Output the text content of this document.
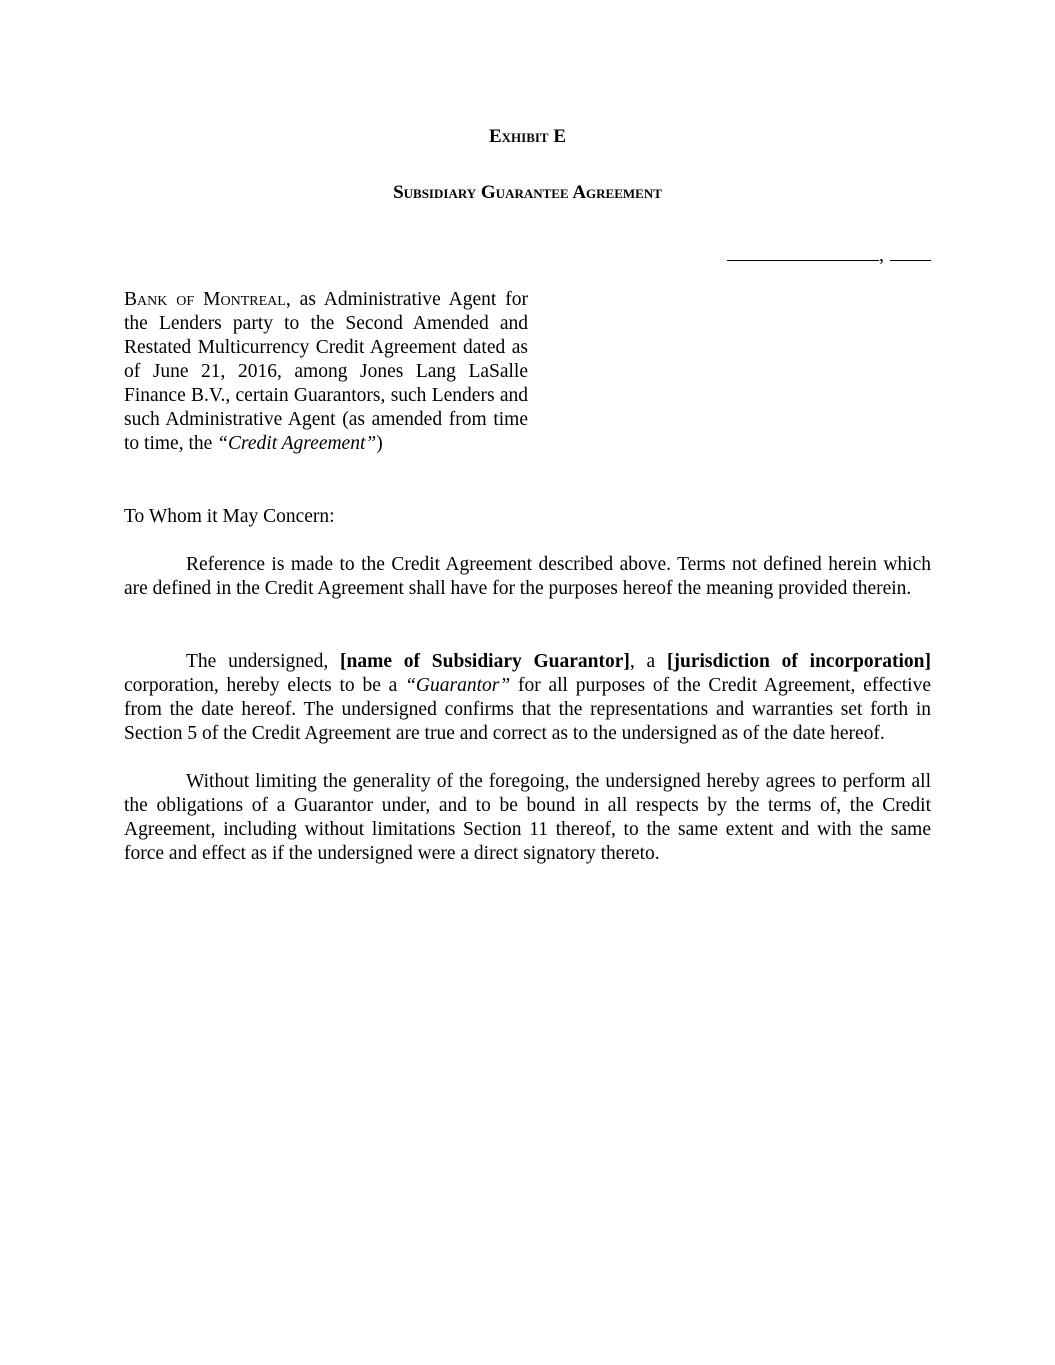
Exhibit E
Subsidiary Guarantee Agreement
,
Bank of Montreal, as Administrative Agent for the Lenders party to the Second Amended and Restated Multicurrency Credit Agreement dated as of June 21, 2016, among Jones Lang LaSalle Finance B.V., certain Guarantors, such Lenders and such Administrative Agent (as amended from time to time, the “Credit Agreement”)
To Whom it May Concern:
Reference is made to the Credit Agreement described above. Terms not defined herein which are defined in the Credit Agreement shall have for the purposes hereof the meaning provided therein.
The undersigned, [name of Subsidiary Guarantor], a [jurisdiction of incorporation] corporation, hereby elects to be a “Guarantor” for all purposes of the Credit Agreement, effective from the date hereof. The undersigned confirms that the representations and warranties set forth in Section 5 of the Credit Agreement are true and correct as to the undersigned as of the date hereof.
Without limiting the generality of the foregoing, the undersigned hereby agrees to perform all the obligations of a Guarantor under, and to be bound in all respects by the terms of, the Credit Agreement, including without limitations Section 11 thereof, to the same extent and with the same force and effect as if the undersigned were a direct signatory thereto.
